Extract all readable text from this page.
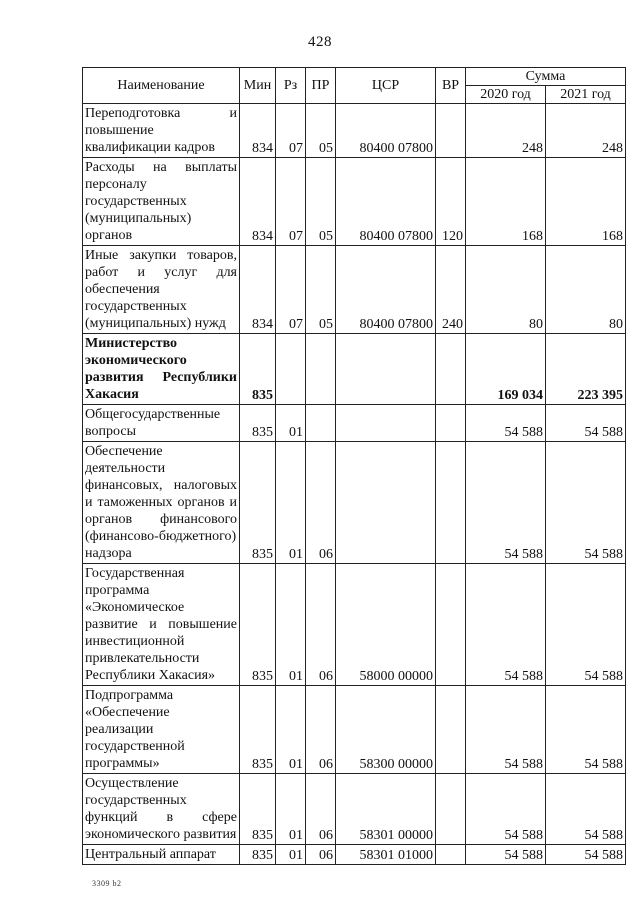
428
Наименование	Мин	Рз	ПР	ЦСР	ВР	Сумма	
						2020 год	2021 год
Переподготовка и повышение квалификации кадров	834	07	05	80400 07800		248	248
Расходы на выплаты персоналу государственных (муниципальных) органов	834	07	05	80400 07800	120	168	168
Иные закупки товаров, работ и услуг для обеспечения государственных (муниципальных) нужд	834	07	05	80400 07800	240	80	80
Министерство экономического развития Республики Хакасия	835					169 034	223 395
Общегосударственные вопросы	835	01				54 588	54 588
Обеспечение деятельности финансовых, налоговых и таможенных органов и органов финансового (финансово-бюджетного) надзора	835	01	06			54 588	54 588
Государственная программа «Экономическое развитие и повышение инвестиционной привлекательности Республики Хакасия»	835	01	06	58000 00000		54 588	54 588
Подпрограмма «Обеспечение реализации государственной программы»	835	01	06	58300 00000		54 588	54 588
Осуществление государственных функций в сфере экономического развития	835	01	06	58301 00000		54 588	54 588
Центральный аппарат	835	01	06	58301 01000		54 588	54 588
3309 b2
